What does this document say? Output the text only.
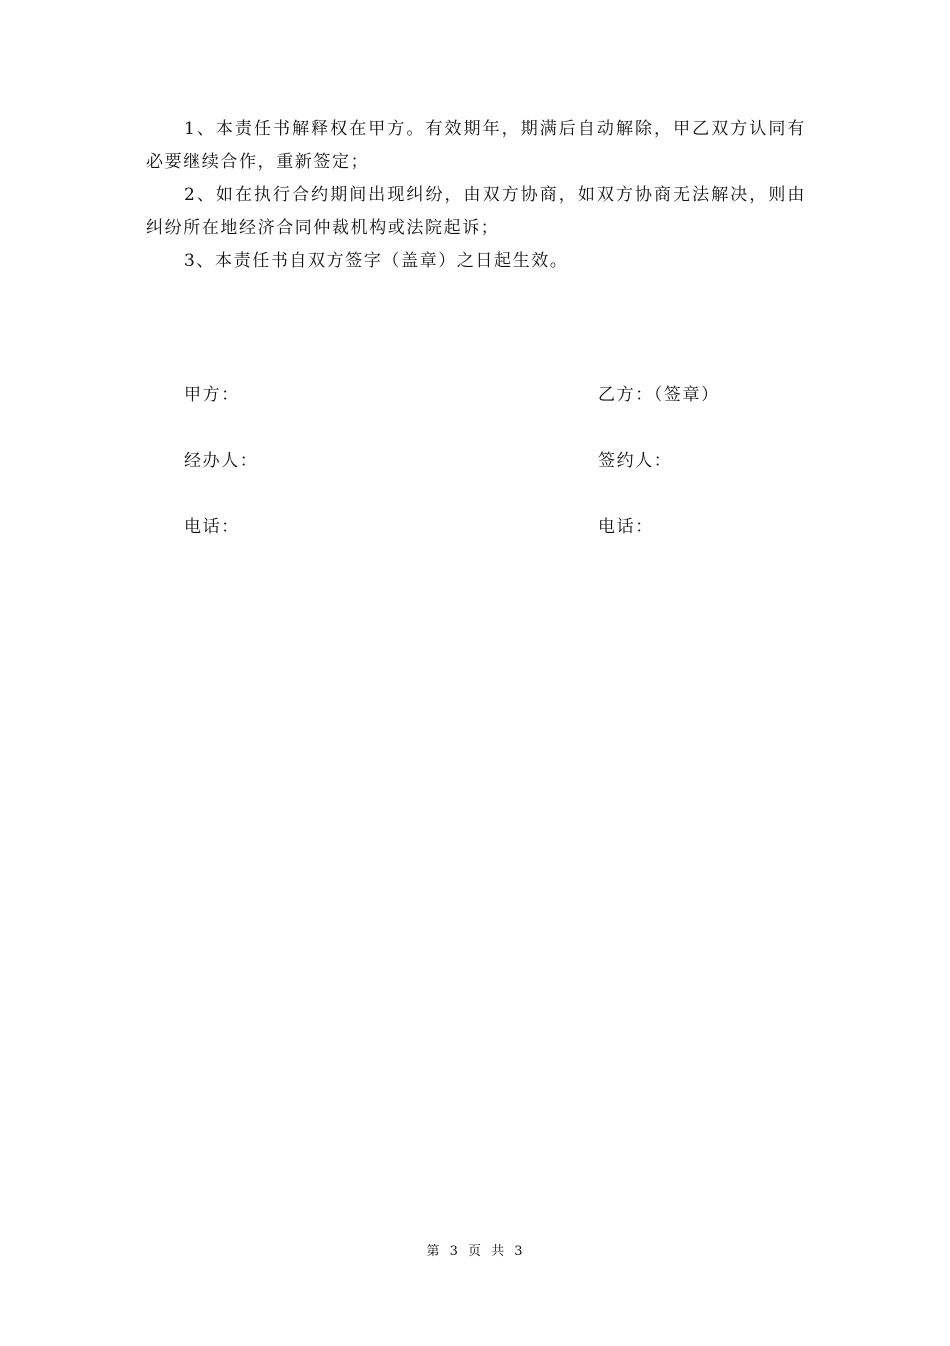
1、本责任书解释权在甲方。有效期年，期满后自动解除，甲乙双方认同有必要继续合作，重新签定；

2、如在执行合约期间出现纠纷，由双方协商，如双方协商无法解决，则由纠纷所在地经济合同仲裁机构或法院起诉；

3、本责任书自双方签字（盖章）之日起生效。

甲方：	乙方：（签章）
经办人：	签约人：
电话：	电话：
第 3 页 共 3
